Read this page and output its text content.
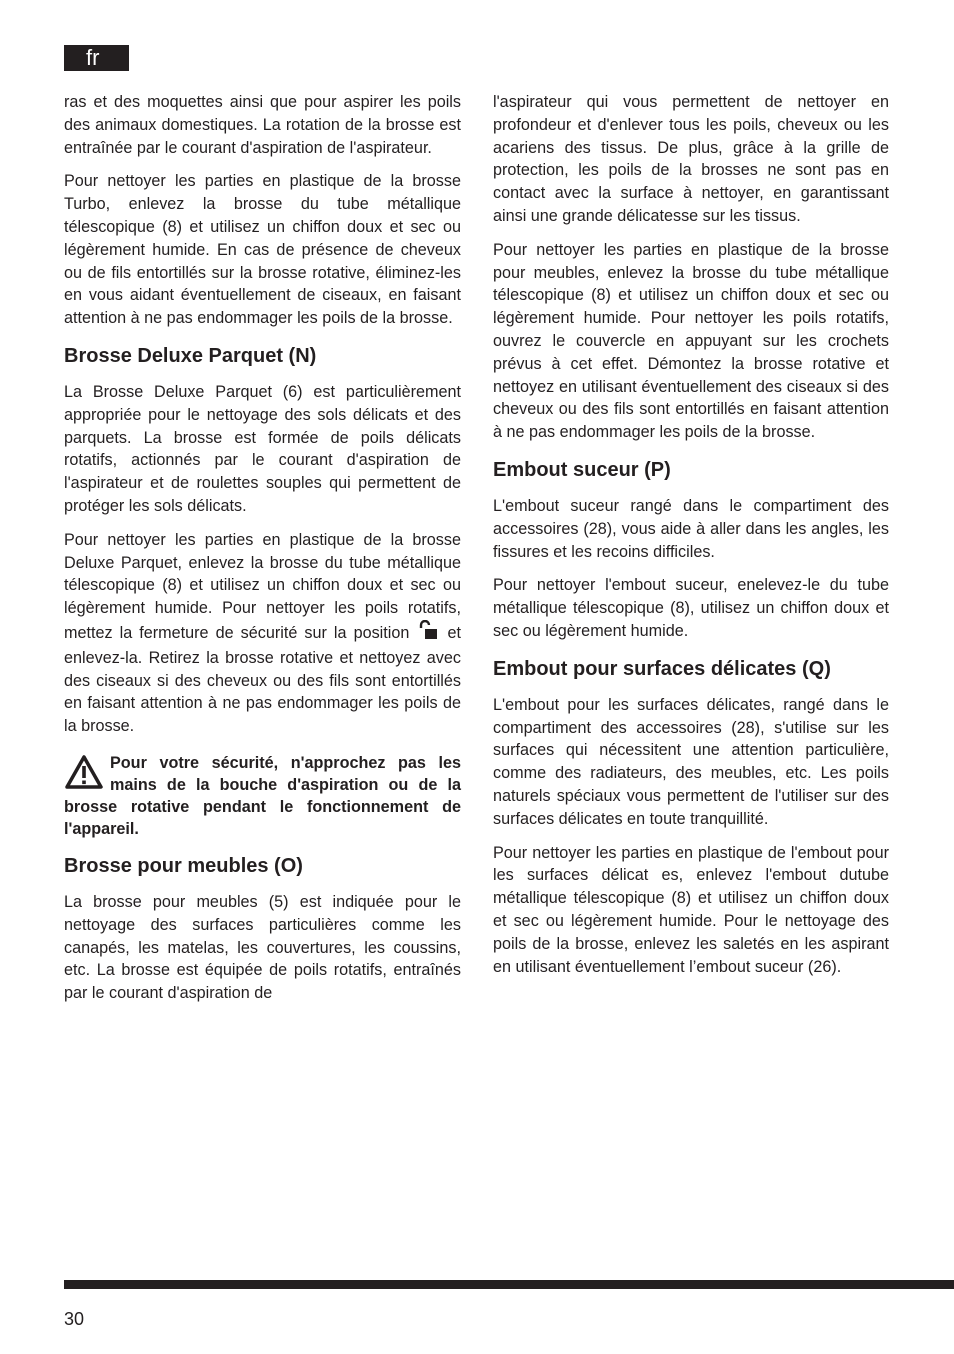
fr

ras et des moquettes ainsi que pour aspirer les poils des animaux domestiques. La rotation de la brosse est entraînée par le courant d'aspiration de l'aspirateur.

Pour nettoyer les parties en plastique de la brosse Turbo, enlevez la brosse du tube métallique télescopique (8) et utilisez un chiffon doux et sec ou légèrement humide. En cas de présence de cheveux ou de fils entortillés sur la brosse rotative, éliminez-les en vous aidant éventuellement de ciseaux, en faisant attention à ne pas endommager les poils de la brosse.

Brosse Deluxe Parquet (N)

La Brosse Deluxe Parquet (6) est particulièrement appropriée pour le nettoyage des sols délicats et des parquets. La brosse est formée de poils délicats rotatifs, actionnés par le courant d'aspiration de l'aspirateur et de roulettes souples qui permettent de protéger les sols délicats.

Pour nettoyer les parties en plastique de la brosse Deluxe Parquet, enlevez la brosse du tube métallique télescopique (8) et utilisez un chiffon doux et sec ou légèrement humide. Pour nettoyer les poils rotatifs, mettez la fermeture de sécurité sur la position et enlevez-la. Retirez la brosse rotative et nettoyez avec des ciseaux si des cheveux ou des fils sont entortillés en faisant attention à ne pas endommager les poils de la brosse.

Pour votre sécurité, n'approchez pas les mains de la bouche d'aspiration ou de la brosse rotative pendant le fonctionnement de l'appareil.
Brosse pour meubles (O)

La brosse pour meubles (5) est indiquée pour le nettoyage des surfaces particulières comme les canapés, les matelas, les couvertures, les coussins, etc. La brosse est équipée de poils rotatifs, entraînés par le courant d'aspiration de

l'aspirateur qui vous permettent de nettoyer en profondeur et d'enlever tous les poils, cheveux ou les acariens des tissus. De plus, grâce à la grille de protection, les poils de la brosses ne sont pas en contact avec la surface à nettoyer, en garantissant ainsi une grande délicatesse sur les tissus.

Pour nettoyer les parties en plastique de la brosse pour meubles, enlevez la brosse du tube métallique télescopique (8) et utilisez un chiffon doux et sec ou légèrement humide. Pour nettoyer les poils rotatifs, ouvrez le couvercle en appuyant sur les crochets prévus à cet effet. Démontez la brosse rotative et nettoyez en utilisant éventuellement des ciseaux si des cheveux ou des fils sont entortillés en faisant attention à ne pas endommager les poils de la brosse.

Embout suceur (P)

L'embout suceur rangé dans le compartiment des accessoires (28), vous aide à aller dans les angles, les fissures et les recoins difficiles.

Pour nettoyer l'embout suceur, enelevez-le du tube métallique télescopique (8), utilisez un chiffon doux et sec ou légèrement humide.

Embout pour surfaces délicates (Q)

L'embout pour les surfaces délicates, rangé dans le compartiment des accessoires (28), s'utilise sur les surfaces qui nécessitent une attention particulière, comme des radiateurs, des meubles, etc. Les poils naturels spéciaux vous permettent de l'utiliser sur des surfaces délicates en toute tranquillité.

Pour nettoyer les parties en plastique de l'embout pour les surfaces délicat es, enlevez l'embout dutube métallique télescopique (8) et utilisez un chiffon doux et sec ou légèrement humide. Pour le nettoyage des poils de la brosse, enlevez les saletés en les aspirant en utilisant éventuellement l’embout suceur (26).

30
